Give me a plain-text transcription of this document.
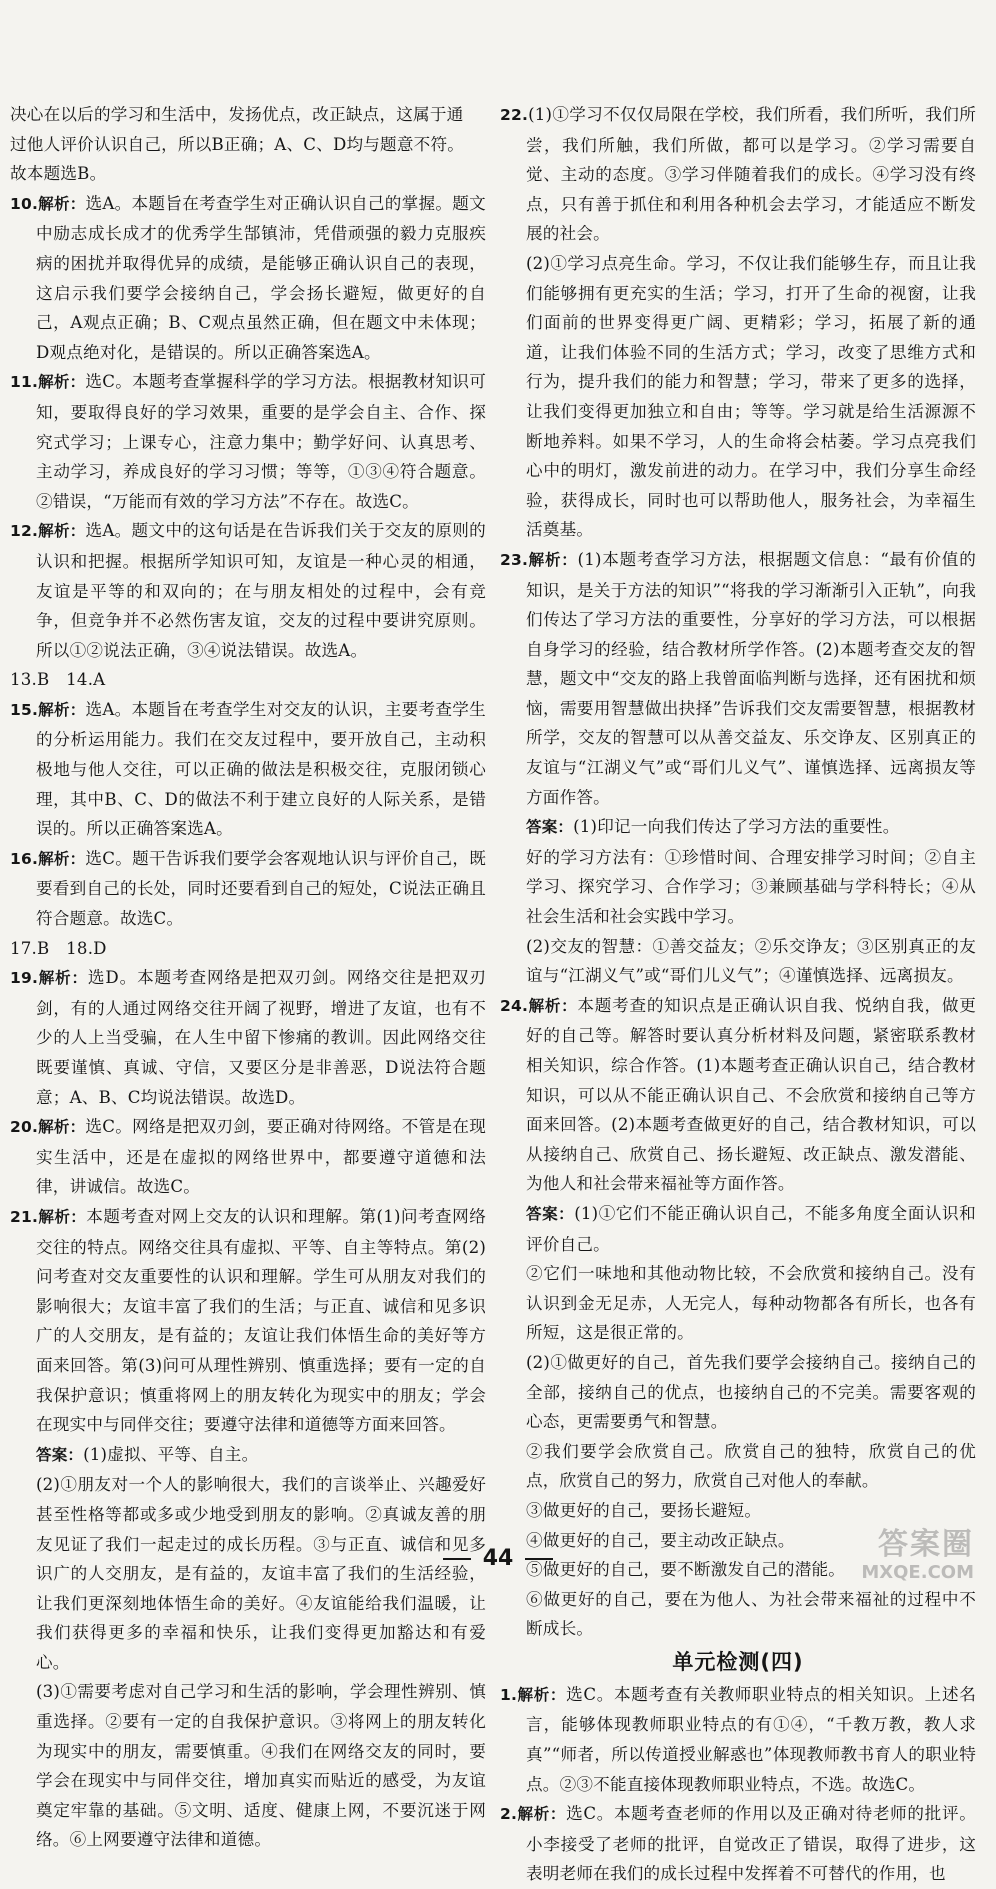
决心在以后的学习和生活中，发扬优点，改正缺点，这属于通
过他人评价认识自己，所以B正确；A、C、D均与题意不符。
故本题选B。

10.解析：选A。本题旨在考查学生对正确认识自己的掌握。题文中励志成长成才的优秀学生郜镇沛，凭借顽强的毅力克服疾病的困扰并取得优异的成绩，是能够正确认识自己的表现，这启示我们要学会接纳自己，学会扬长避短，做更好的自己，A观点正确；B、C观点虽然正确，但在题文中未体现；D观点绝对化，是错误的。所以正确答案选A。

11.解析：选C。本题考查掌握科学的学习方法。根据教材知识可知，要取得良好的学习效果，重要的是学会自主、合作、探究式学习；上课专心，注意力集中；勤学好问、认真思考、主动学习，养成良好的学习习惯；等等，①③④符合题意。②错误，“万能而有效的学习方法”不存在。故选C。

12.解析：选A。题文中的这句话是在告诉我们关于交友的原则的认识和把握。根据所学知识可知，友谊是一种心灵的相通，友谊是平等的和双向的；在与朋友相处的过程中，会有竞争，但竞争并不必然伤害友谊，交友的过程中要讲究原则。所以①②说法正确，③④说法错误。故选A。

13.B　14.A

15.解析：选A。本题旨在考查学生对交友的认识，主要考查学生的分析运用能力。我们在交友过程中，要开放自己，主动积极地与他人交往，可以正确的做法是积极交往，克服闭锁心理，其中B、C、D的做法不利于建立良好的人际关系，是错误的。所以正确答案选A。

16.解析：选C。题干告诉我们要学会客观地认识与评价自己，既要看到自己的长处，同时还要看到自己的短处，C说法正确且符合题意。故选C。

17.B　18.D

19.解析：选D。本题考查网络是把双刃剑。网络交往是把双刃剑，有的人通过网络交往开阔了视野，增进了友谊，也有不少的人上当受骗，在人生中留下惨痛的教训。因此网络交往既要谨慎、真诚、守信，又要区分是非善恶，D说法符合题意；A、B、C均说法错误。故选D。

20.解析：选C。网络是把双刃剑，要正确对待网络。不管是在现实生活中，还是在虚拟的网络世界中，都要遵守道德和法律，讲诚信。故选C。

21.解析：本题考查对网上交友的认识和理解。第(1)问考查网络交往的特点。网络交往具有虚拟、平等、自主等特点。第(2)问考查对交友重要性的认识和理解。学生可从朋友对我们的影响很大；友谊丰富了我们的生活；与正直、诚信和见多识广的人交朋友，是有益的；友谊让我们体悟生命的美好等方面来回答。第(3)问可从理性辨别、慎重选择；要有一定的自我保护意识；慎重将网上的朋友转化为现实中的朋友；学会在现实中与同伴交往；要遵守法律和道德等方面来回答。

答案：(1)虚拟、平等、自主。

(2)①朋友对一个人的影响很大，我们的言谈举止、兴趣爱好甚至性格等都或多或少地受到朋友的影响。②真诚友善的朋友见证了我们一起走过的成长历程。③与正直、诚信和见多识广的人交朋友，是有益的，友谊丰富了我们的生活经验，让我们更深刻地体悟生命的美好。④友谊能给我们温暖，让我们获得更多的幸福和快乐，让我们变得更加豁达和有爱心。

(3)①需要考虑对自己学习和生活的影响，学会理性辨别、慎重选择。②要有一定的自我保护意识。③将网上的朋友转化为现实中的朋友，需要慎重。④我们在网络交友的同时，要学会在现实中与同伴交往，增加真实而贴近的感受，为友谊奠定牢靠的基础。⑤文明、适度、健康上网，不要沉迷于网络。⑥上网要遵守法律和道德。

22.(1)①学习不仅仅局限在学校，我们所看，我们所听，我们所尝，我们所触，我们所做，都可以是学习。②学习需要自觉、主动的态度。③学习伴随着我们的成长。④学习没有终点，只有善于抓住和利用各种机会去学习，才能适应不断发展的社会。

(2)①学习点亮生命。学习，不仅让我们能够生存，而且让我们能够拥有更充实的生活；学习，打开了生命的视窗，让我们面前的世界变得更广阔、更精彩；学习，拓展了新的通道，让我们体验不同的生活方式；学习，改变了思维方式和行为，提升我们的能力和智慧；学习，带来了更多的选择，让我们变得更加独立和自由；等等。学习就是给生活源源不断地养料。如果不学习，人的生命将会枯萎。学习点亮我们心中的明灯，激发前进的动力。在学习中，我们分享生命经验，获得成长，同时也可以帮助他人，服务社会，为幸福生活奠基。

23.解析：(1)本题考查学习方法，根据题文信息：“最有价值的知识，是关于方法的知识”“将我的学习渐渐引入正轨”，向我们传达了学习方法的重要性，分享好的学习方法，可以根据自身学习的经验，结合教材所学作答。(2)本题考查交友的智慧，题文中“交友的路上我曾面临判断与选择，还有困扰和烦恼，需要用智慧做出抉择”告诉我们交友需要智慧，根据教材所学，交友的智慧可以从善交益友、乐交诤友、区别真正的友谊与“江湖义气”或“哥们儿义气”、谨慎选择、远离损友等方面作答。

答案：(1)印记一向我们传达了学习方法的重要性。

好的学习方法有：①珍惜时间、合理安排学习时间；②自主学习、探究学习、合作学习；③兼顾基础与学科特长；④从社会生活和社会实践中学习。

(2)交友的智慧：①善交益友；②乐交诤友；③区别真正的友谊与“江湖义气”或“哥们儿义气”；④谨慎选择、远离损友。

24.解析：本题考查的知识点是正确认识自我、悦纳自我，做更好的自己等。解答时要认真分析材料及问题，紧密联系教材相关知识，综合作答。(1)本题考查正确认识自己，结合教材知识，可以从不能正确认识自己、不会欣赏和接纳自己等方面来回答。(2)本题考查做更好的自己，结合教材知识，可以从接纳自己、欣赏自己、扬长避短、改正缺点、激发潜能、为他人和社会带来福祉等方面作答。

答案：(1)①它们不能正确认识自己，不能多角度全面认识和评价自己。

②它们一味地和其他动物比较，不会欣赏和接纳自己。没有认识到金无足赤，人无完人，每种动物都各有所长，也各有所短，这是很正常的。

(2)①做更好的自己，首先我们要学会接纳自己。接纳自己的全部，接纳自己的优点，也接纳自己的不完美。需要客观的心态，更需要勇气和智慧。

②我们要学会欣赏自己。欣赏自己的独特，欣赏自己的优点，欣赏自己的努力，欣赏自己对他人的奉献。

③做更好的自己，要扬长避短。

④做更好的自己，要主动改正缺点。

⑤做更好的自己，要不断激发自己的潜能。

⑥做更好的自己，要在为他人、为社会带来福祉的过程中不断成长。

单元检测(四)

1.解析：选C。本题考查有关教师职业特点的相关知识。上述名言，能够体现教师职业特点的有①④，“千教万教，教人求真”“师者，所以传道授业解惑也”体现教师教书育人的职业特点。②③不能直接体现教师职业特点，不选。故选C。

2.解析：选C。本题考查老师的作用以及正确对待老师的批评。小李接受了老师的批评，自觉改正了错误，取得了进步，这表明老师在我们的成长过程中发挥着不可替代的作用，也

44	答案圈
MXQE.COM
